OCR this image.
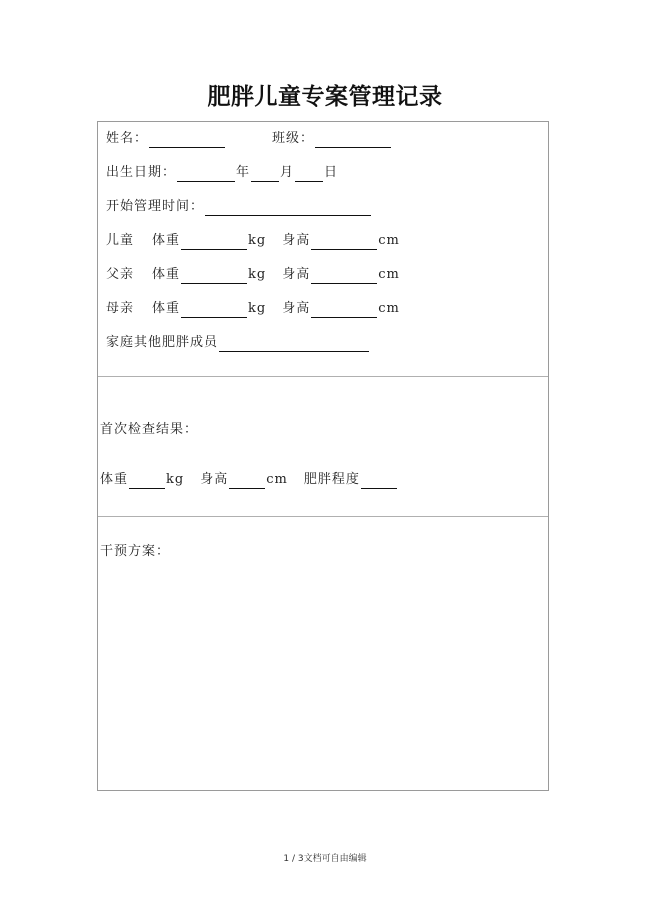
肥胖儿童专案管理记录
姓名：	班级：
出生日期：	年 月 日
开始管理时间：
儿童 体重	kg 身高	cm
父亲 体重	kg 身高	cm
母亲 体重	kg 身高	cm
家庭其他肥胖成员
首次检查结果：
体重	kg 身高	cm 肥胖程度
干预方案：
1 / 3文档可自由编辑
